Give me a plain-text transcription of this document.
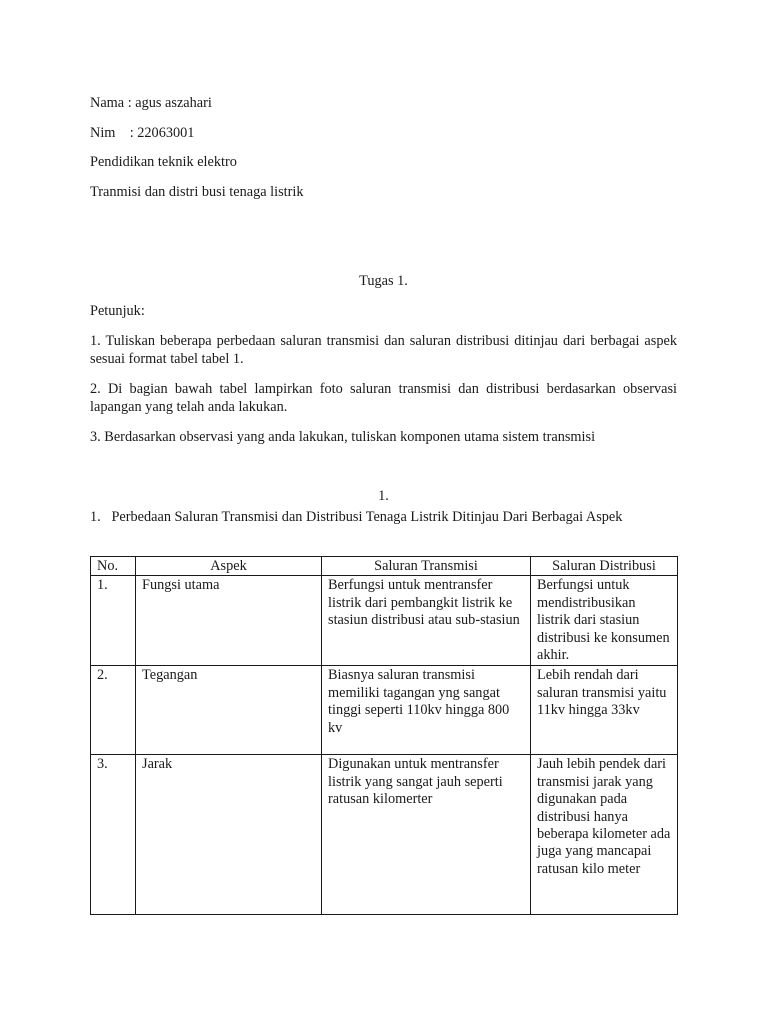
Nama : agus aszahari
Nim    : 22063001
Pendidikan teknik elektro
Tranmisi dan distri busi tenaga listrik
Tugas 1.
Petunjuk:
1. Tuliskan beberapa perbedaan saluran transmisi dan saluran distribusi ditinjau dari berbagai aspek sesuai format tabel tabel 1.
2. Di bagian bawah tabel lampirkan foto saluran transmisi dan distribusi berdasarkan observasi lapangan yang telah anda lakukan.
3. Berdasarkan observasi yang anda lakukan, tuliskan komponen utama sistem transmisi
1.
1.   Perbedaan Saluran Transmisi dan Distribusi Tenaga Listrik Ditinjau Dari Berbagai Aspek
No.	Aspek	Saluran Transmisi	Saluran Distribusi
1.	Fungsi utama	Berfungsi untuk mentransfer listrik dari pembangkit listrik ke stasiun distribusi atau sub-stasiun	Berfungsi untuk mendistribusikan listrik dari stasiun distribusi ke konsumen akhir.
2.	Tegangan	Biasnya saluran transmisi memiliki tagangan yng sangat tinggi seperti 110kv hingga 800 kv	Lebih rendah dari saluran transmisi yaitu 11kv hingga 33kv
3.	Jarak	Digunakan untuk mentransfer listrik yang sangat jauh seperti ratusan kilomerter	Jauh lebih pendek dari transmisi jarak yang digunakan pada distribusi hanya beberapa kilometer ada juga yang mancapai ratusan kilo meter
